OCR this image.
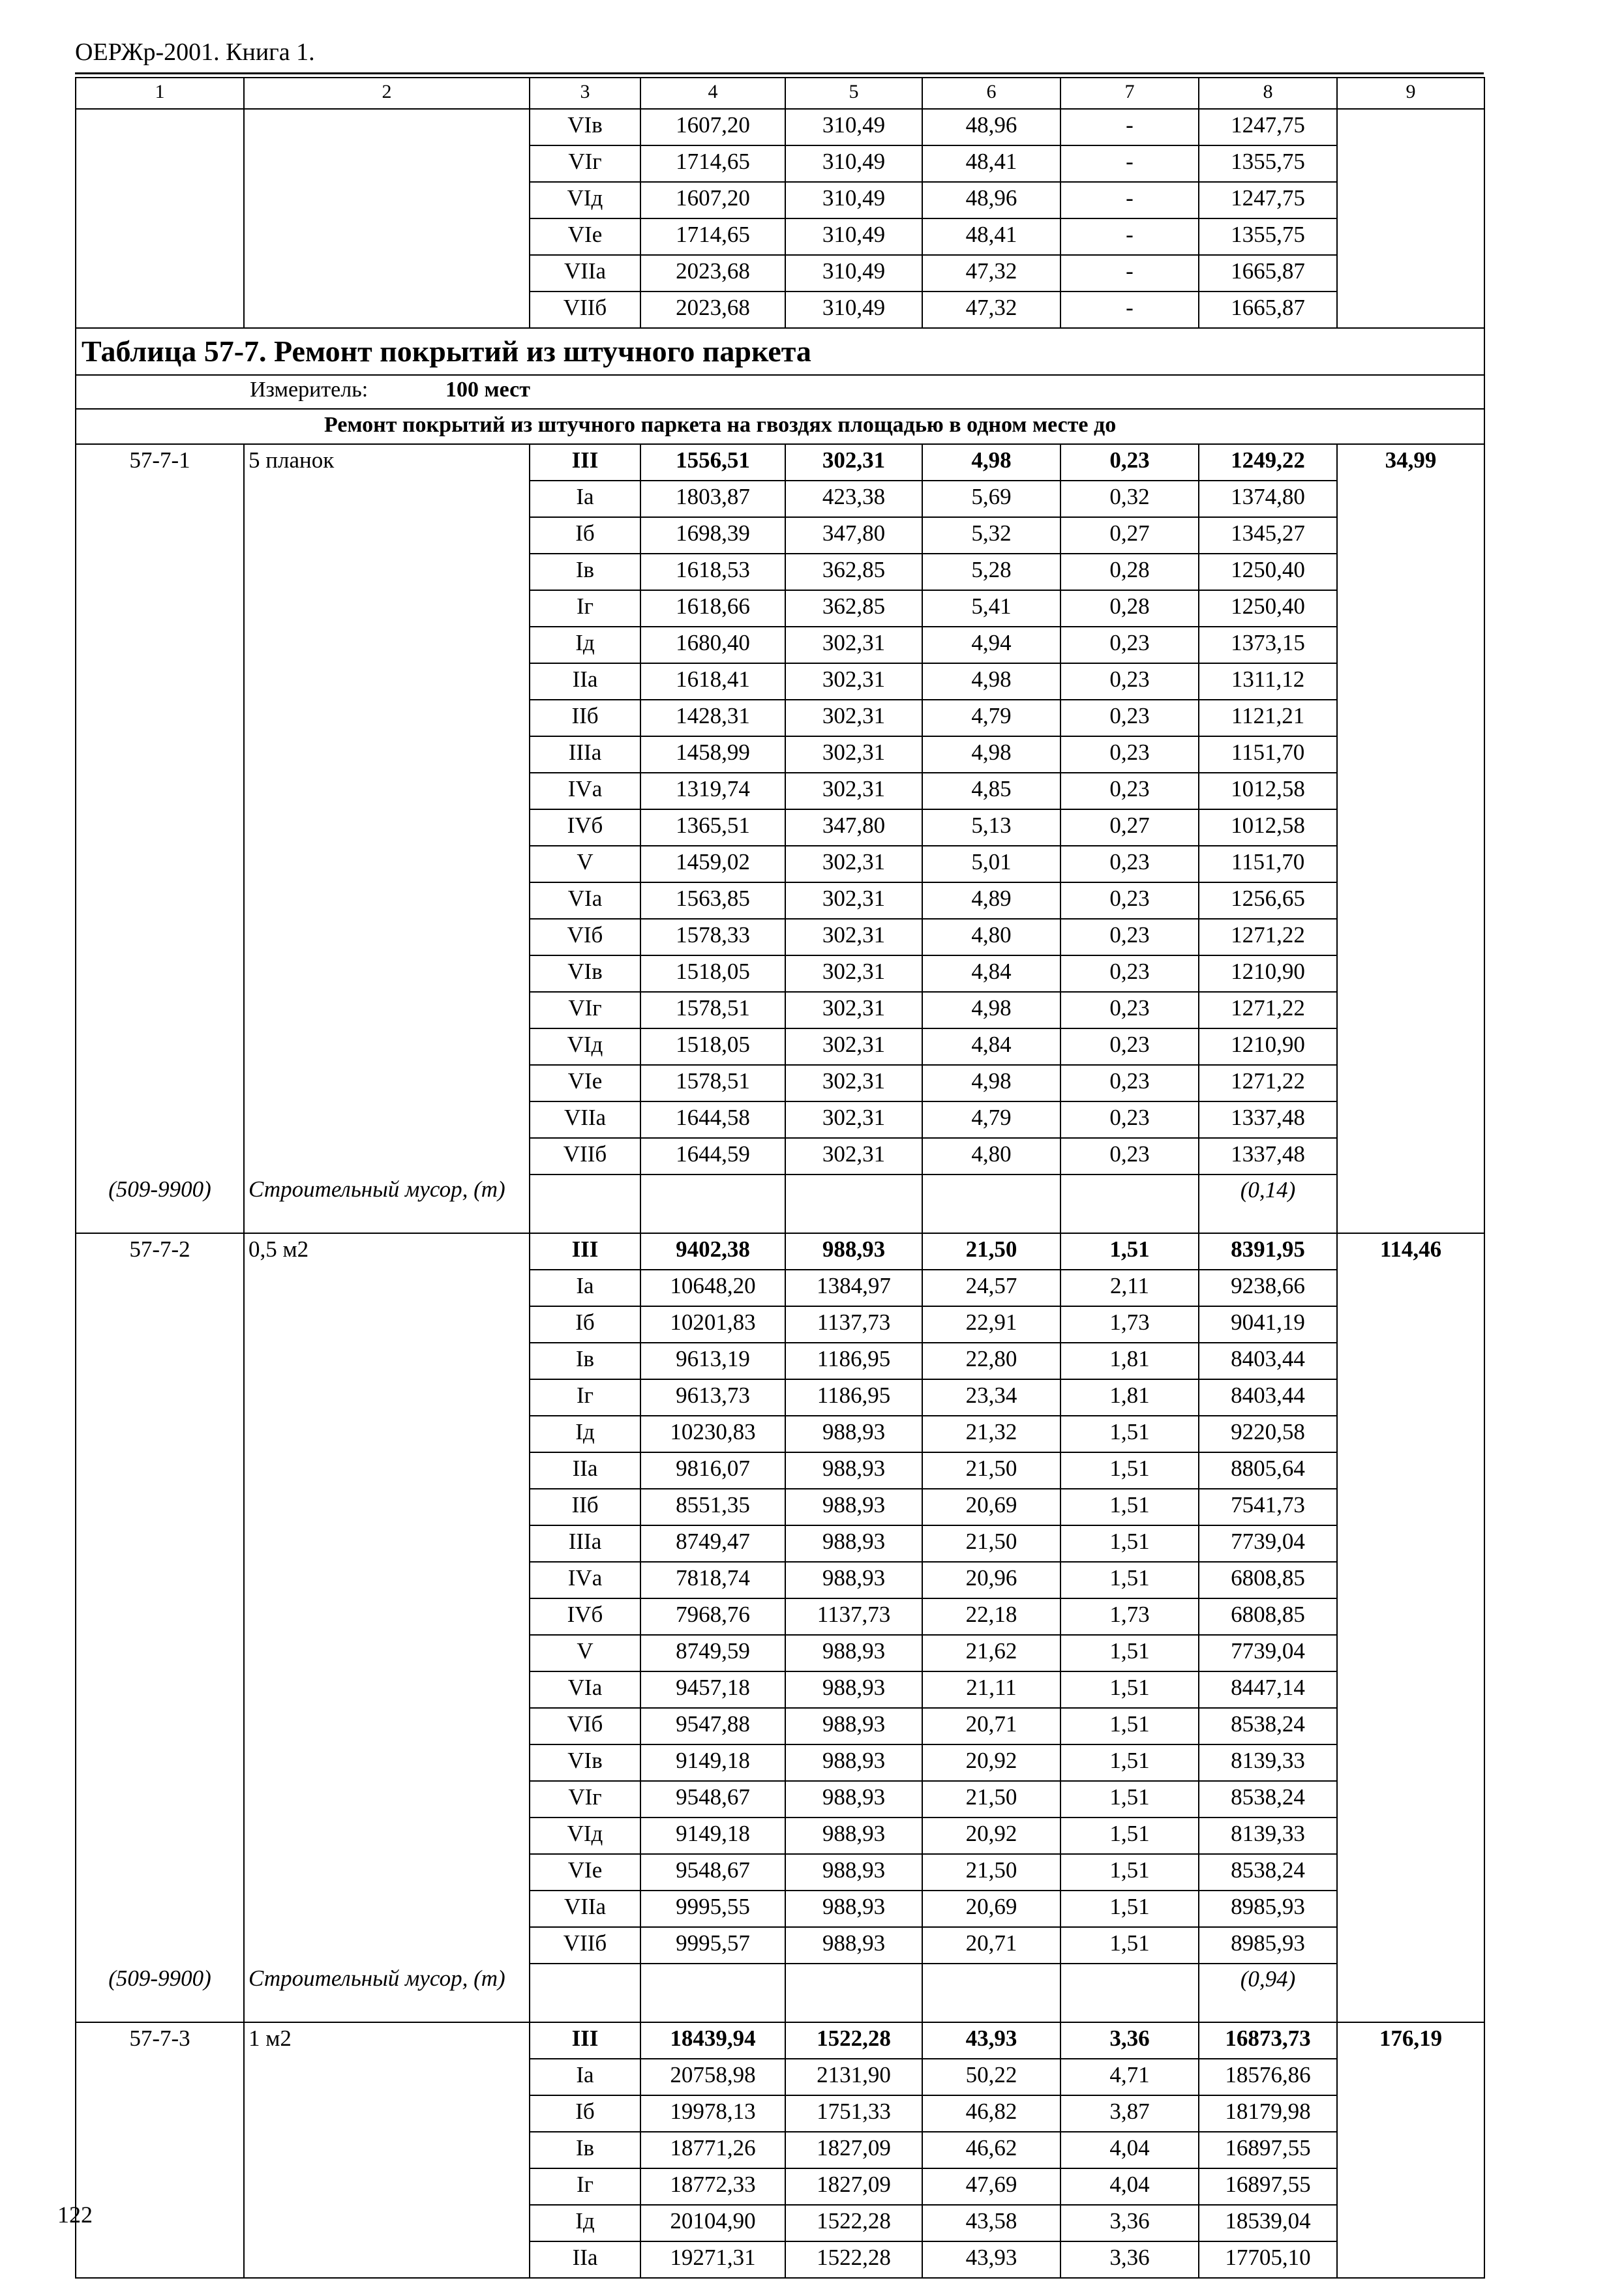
ОЕРЖр-2001. Книга 1.
1	2	3	4	5	6	7	8	9
		VIв	1607,20	310,49	48,96	-	1247,75	
		VIг	1714,65	310,49	48,41	-	1355,75	
		VIд	1607,20	310,49	48,96	-	1247,75	
		VIе	1714,65	310,49	48,41	-	1355,75	
		VIIа	2023,68	310,49	47,32	-	1665,87	
		VIIб	2023,68	310,49	47,32	-	1665,87	
Таблица 57-7. Ремонт покрытий из штучного паркета								
Измеритель: 100 мест								
Ремонт покрытий из штучного паркета на гвоздях площадью в одном месте до								
57-7-1	5 планок	III	1556,51	302,31	4,98	0,23	1249,22	34,99
		Iа	1803,87	423,38	5,69	0,32	1374,80	
		Iб	1698,39	347,80	5,32	0,27	1345,27	
		Iв	1618,53	362,85	5,28	0,28	1250,40	
		Iг	1618,66	362,85	5,41	0,28	1250,40	
		Iд	1680,40	302,31	4,94	0,23	1373,15	
		IIа	1618,41	302,31	4,98	0,23	1311,12	
		IIб	1428,31	302,31	4,79	0,23	1121,21	
		IIIа	1458,99	302,31	4,98	0,23	1151,70	
		IVа	1319,74	302,31	4,85	0,23	1012,58	
		IVб	1365,51	347,80	5,13	0,27	1012,58	
		V	1459,02	302,31	5,01	0,23	1151,70	
		VIа	1563,85	302,31	4,89	0,23	1256,65	
		VIб	1578,33	302,31	4,80	0,23	1271,22	
		VIв	1518,05	302,31	4,84	0,23	1210,90	
		VIг	1578,51	302,31	4,98	0,23	1271,22	
		VIд	1518,05	302,31	4,84	0,23	1210,90	
		VIе	1578,51	302,31	4,98	0,23	1271,22	
		VIIа	1644,58	302,31	4,79	0,23	1337,48	
		VIIб	1644,59	302,31	4,80	0,23	1337,48	
(509-9900)	Строительный мусор, (т)						(0,14)	
57-7-2	0,5 м2	III	9402,38	988,93	21,50	1,51	8391,95	114,46
		Iа	10648,20	1384,97	24,57	2,11	9238,66	
		Iб	10201,83	1137,73	22,91	1,73	9041,19	
		Iв	9613,19	1186,95	22,80	1,81	8403,44	
		Iг	9613,73	1186,95	23,34	1,81	8403,44	
		Iд	10230,83	988,93	21,32	1,51	9220,58	
		IIа	9816,07	988,93	21,50	1,51	8805,64	
		IIб	8551,35	988,93	20,69	1,51	7541,73	
		IIIа	8749,47	988,93	21,50	1,51	7739,04	
		IVа	7818,74	988,93	20,96	1,51	6808,85	
		IVб	7968,76	1137,73	22,18	1,73	6808,85	
		V	8749,59	988,93	21,62	1,51	7739,04	
		VIа	9457,18	988,93	21,11	1,51	8447,14	
		VIб	9547,88	988,93	20,71	1,51	8538,24	
		VIв	9149,18	988,93	20,92	1,51	8139,33	
		VIг	9548,67	988,93	21,50	1,51	8538,24	
		VIд	9149,18	988,93	20,92	1,51	8139,33	
		VIе	9548,67	988,93	21,50	1,51	8538,24	
		VIIа	9995,55	988,93	20,69	1,51	8985,93	
		VIIб	9995,57	988,93	20,71	1,51	8985,93	
(509-9900)	Строительный мусор, (т)						(0,94)	
57-7-3	1 м2	III	18439,94	1522,28	43,93	3,36	16873,73	176,19
		Iа	20758,98	2131,90	50,22	4,71	18576,86	
		Iб	19978,13	1751,33	46,82	3,87	18179,98	
		Iв	18771,26	1827,09	46,62	4,04	16897,55	
		Iг	18772,33	1827,09	47,69	4,04	16897,55	
		Iд	20104,90	1522,28	43,58	3,36	18539,04	
		IIа	19271,31	1522,28	43,93	3,36	17705,10	
122
